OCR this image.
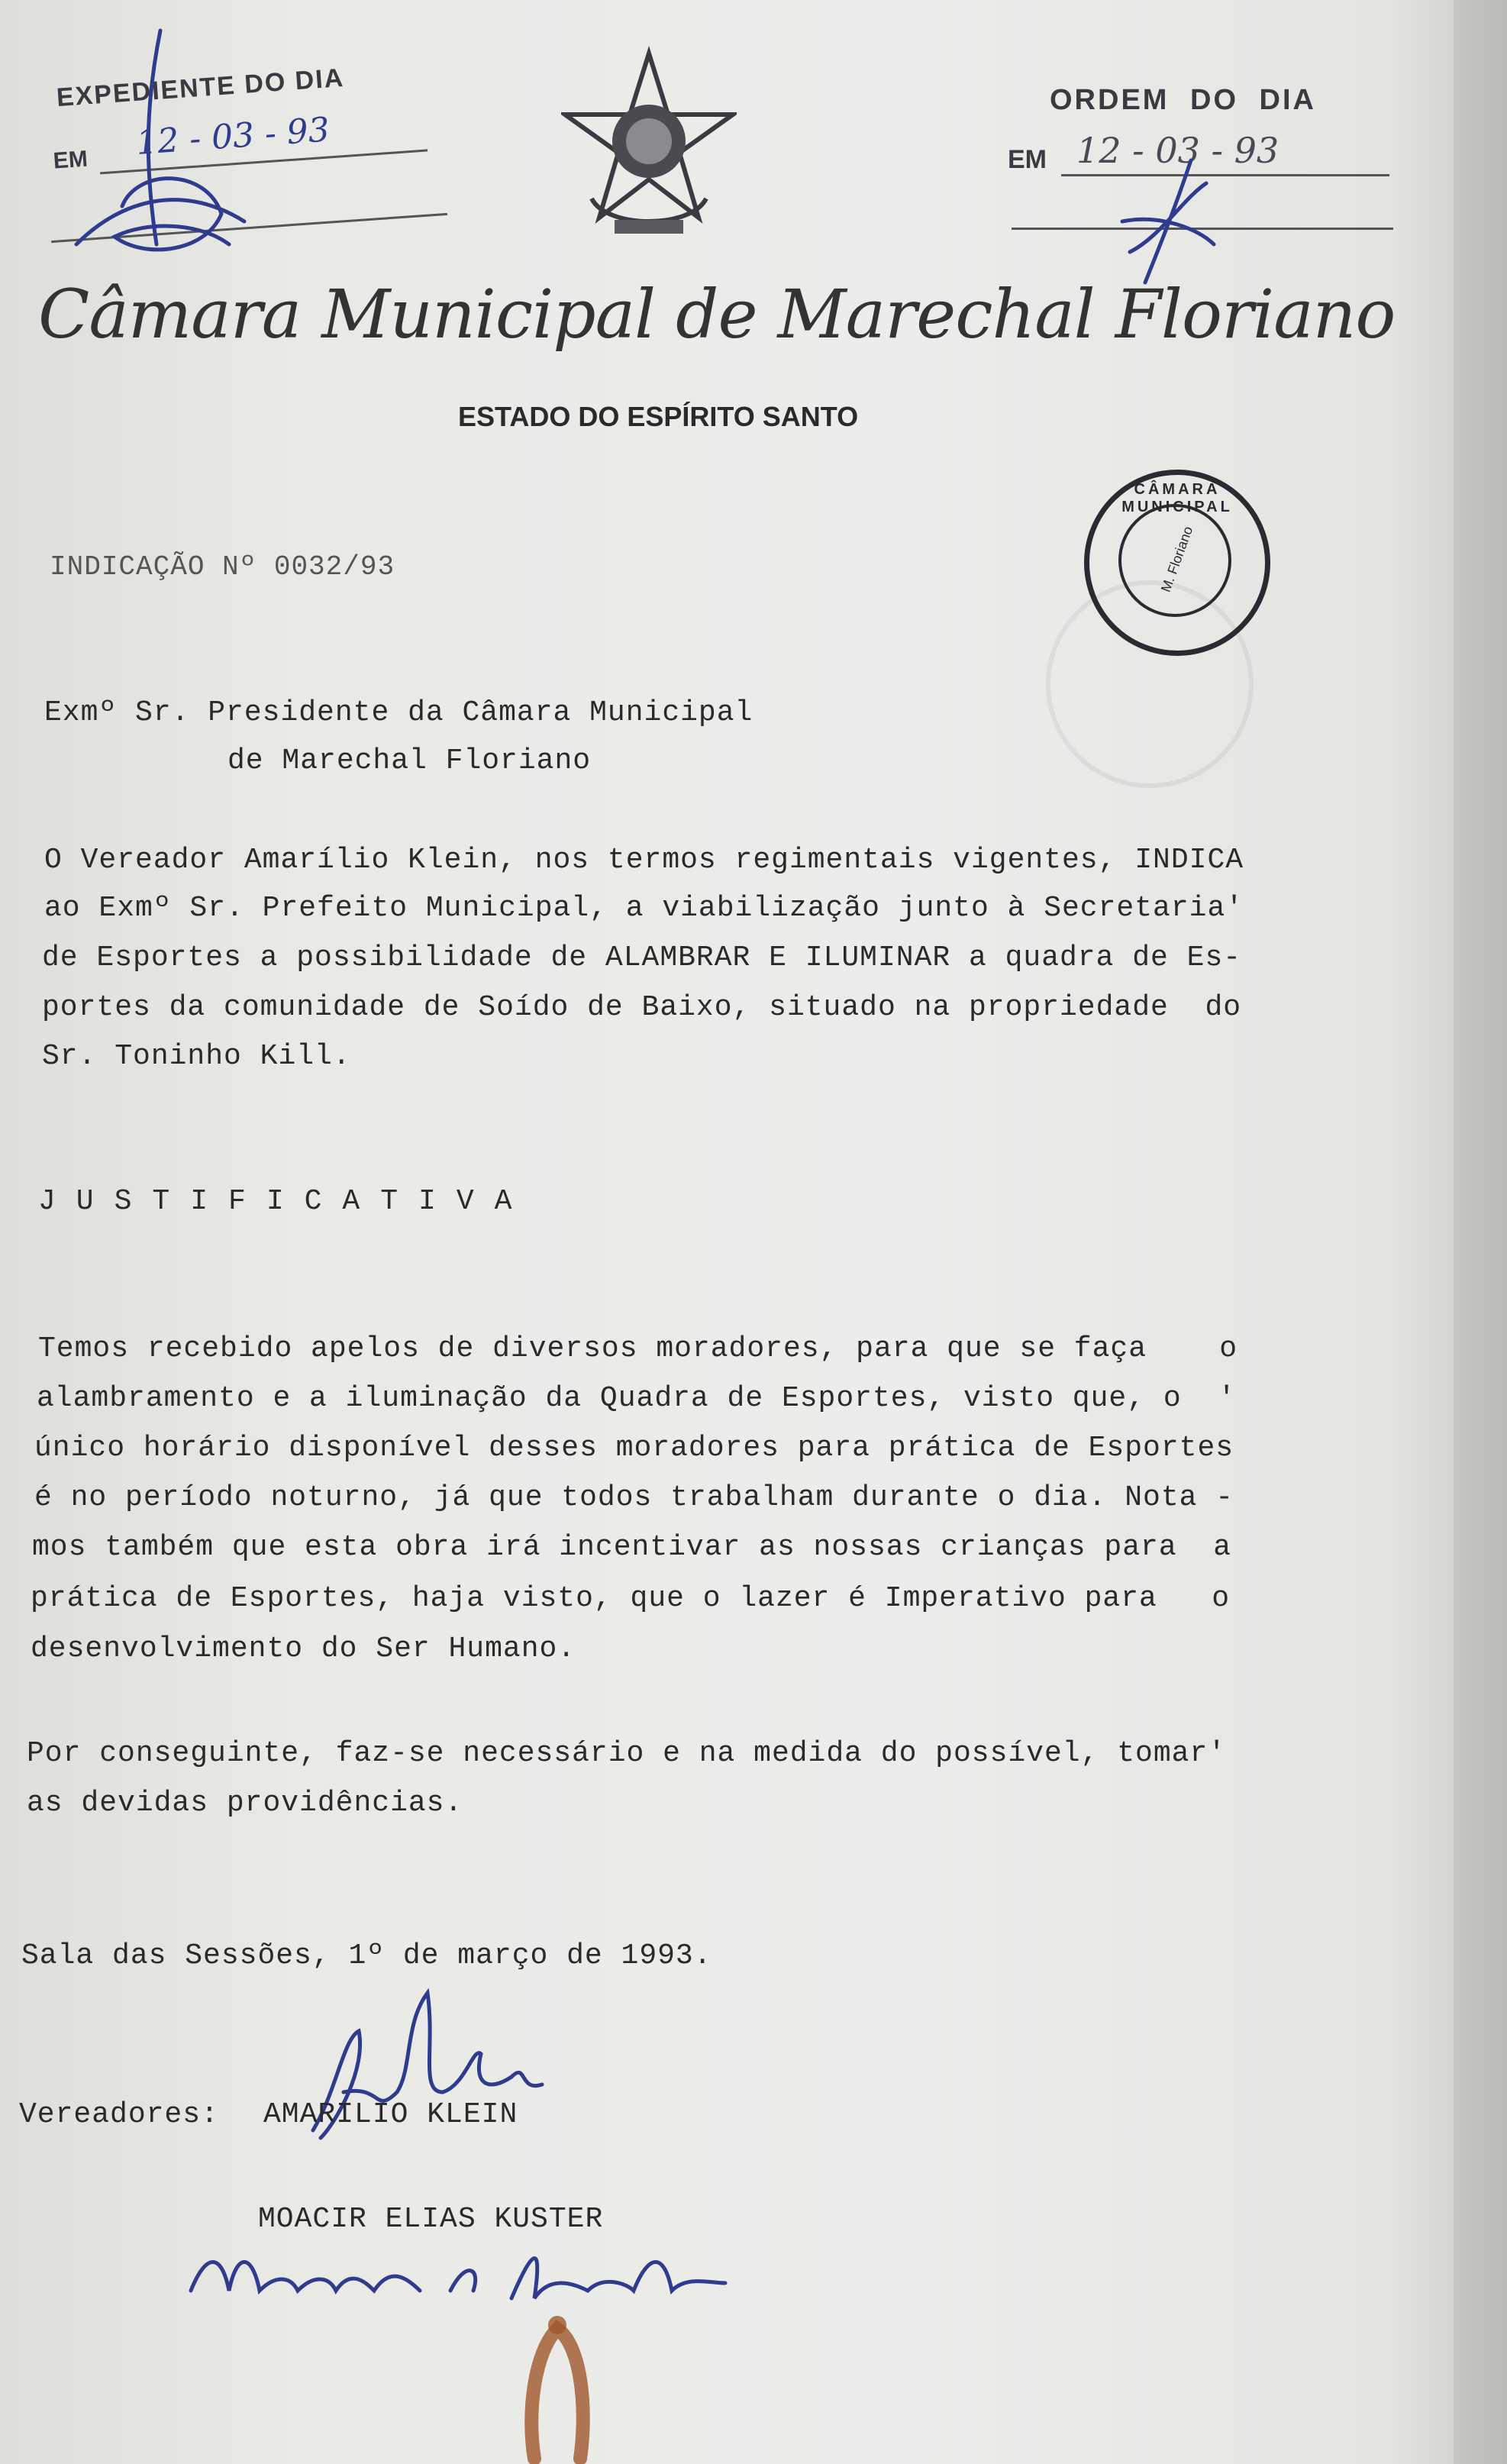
EXPEDIENTE DO DIA
EM 12 - 03 - 93
ORDEM DO DIA
EM 12 - 03 - 93
Câmara Municipal de Marechal Floriano
ESTADO DO ESPÍRITO SANTO
CÂMARA MUNICIPAL
M. Floriano
INDICAÇÃO Nº 0032/93
Exmº Sr. Presidente da Câmara Municipal
de Marechal Floriano
O Vereador Amarílio Klein, nos termos regimentais vigentes, INDICA
ao Exmº Sr. Prefeito Municipal, a viabilização junto à Secretaria'
de Esportes a possibilidade de ALAMBRAR E ILUMINAR a quadra de Es-
portes da comunidade de Soído de Baixo, situado na propriedade  do
Sr. Toninho Kill.
JUSTIFICATIVA
Temos recebido apelos de diversos moradores, para que se faça    o
alambramento e a iluminação da Quadra de Esportes, visto que, o  '
único horário disponível desses moradores para prática de Esportes
é no período noturno, já que todos trabalham durante o dia. Nota -
mos também que esta obra irá incentivar as nossas crianças para  a
prática de Esportes, haja visto, que o lazer é Imperativo para   o
desenvolvimento do Ser Humano.
Por conseguinte, faz-se necessário e na medida do possível, tomar'
as devidas providências.
Sala das Sessões, 1º de março de 1993.
Vereadores: AMARILIO KLEIN
MOACIR ELIAS KUSTER
